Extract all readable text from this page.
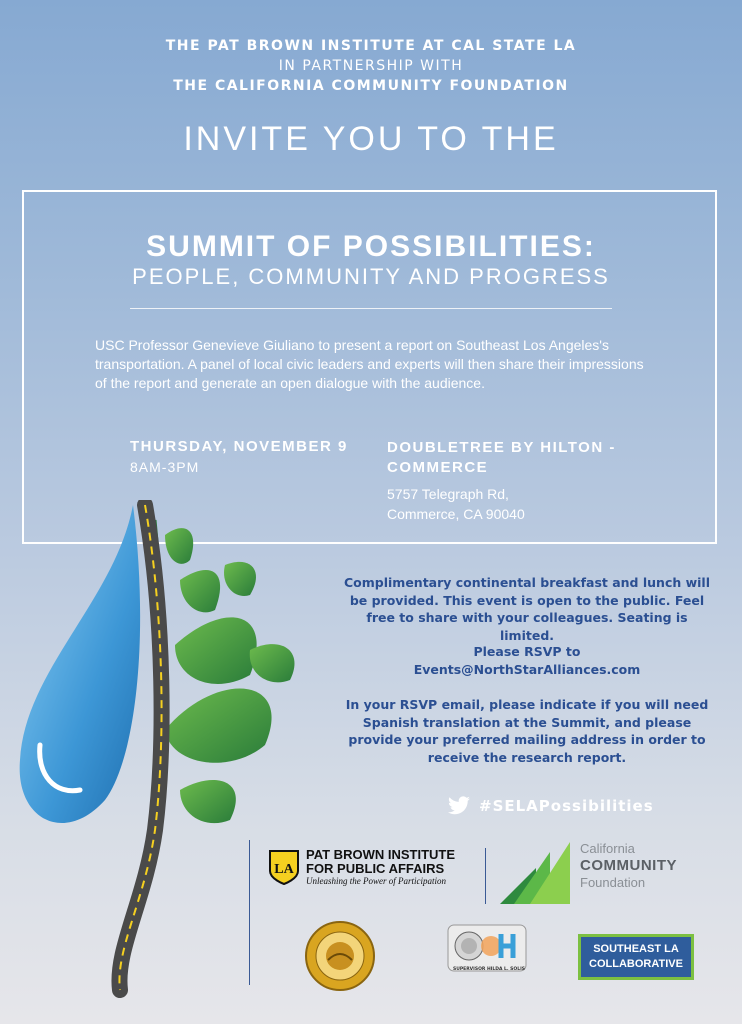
THE PAT BROWN INSTITUTE AT CAL STATE LA
IN PARTNERSHIP WITH
THE CALIFORNIA COMMUNITY FOUNDATION
INVITE YOU TO THE
SUMMIT OF POSSIBILITIES:
PEOPLE, COMMUNITY AND PROGRESS
USC Professor Genevieve Giuliano to present a report on Southeast Los Angeles's transportation. A panel of local civic leaders and experts will then share their impressions of the report and generate an open dialogue with the audience.
THURSDAY, NOVEMBER 9
8AM-3PM
DOUBLETREE BY HILTON - COMMERCE
5757 Telegraph Rd,
Commerce, CA 90040
Complimentary continental breakfast and lunch will be provided. This event is open to the public. Feel free to share with your colleagues. Seating is limited.
Please RSVP to
Events@NorthStarAlliances.com
In your RSVP email, please indicate if you will need Spanish translation at the Summit, and please provide your preferred mailing address in order to receive the research report.
#SELAPossibilities
LA
PAT BROWN INSTITUTE
FOR PUBLIC AFFAIRS
Unleashing the Power of Participation
California
COMMUNITY
Foundation
SUPERVISOR HILDA L. SOLIS
SOUTHEAST LA
COLLABORATIVE
